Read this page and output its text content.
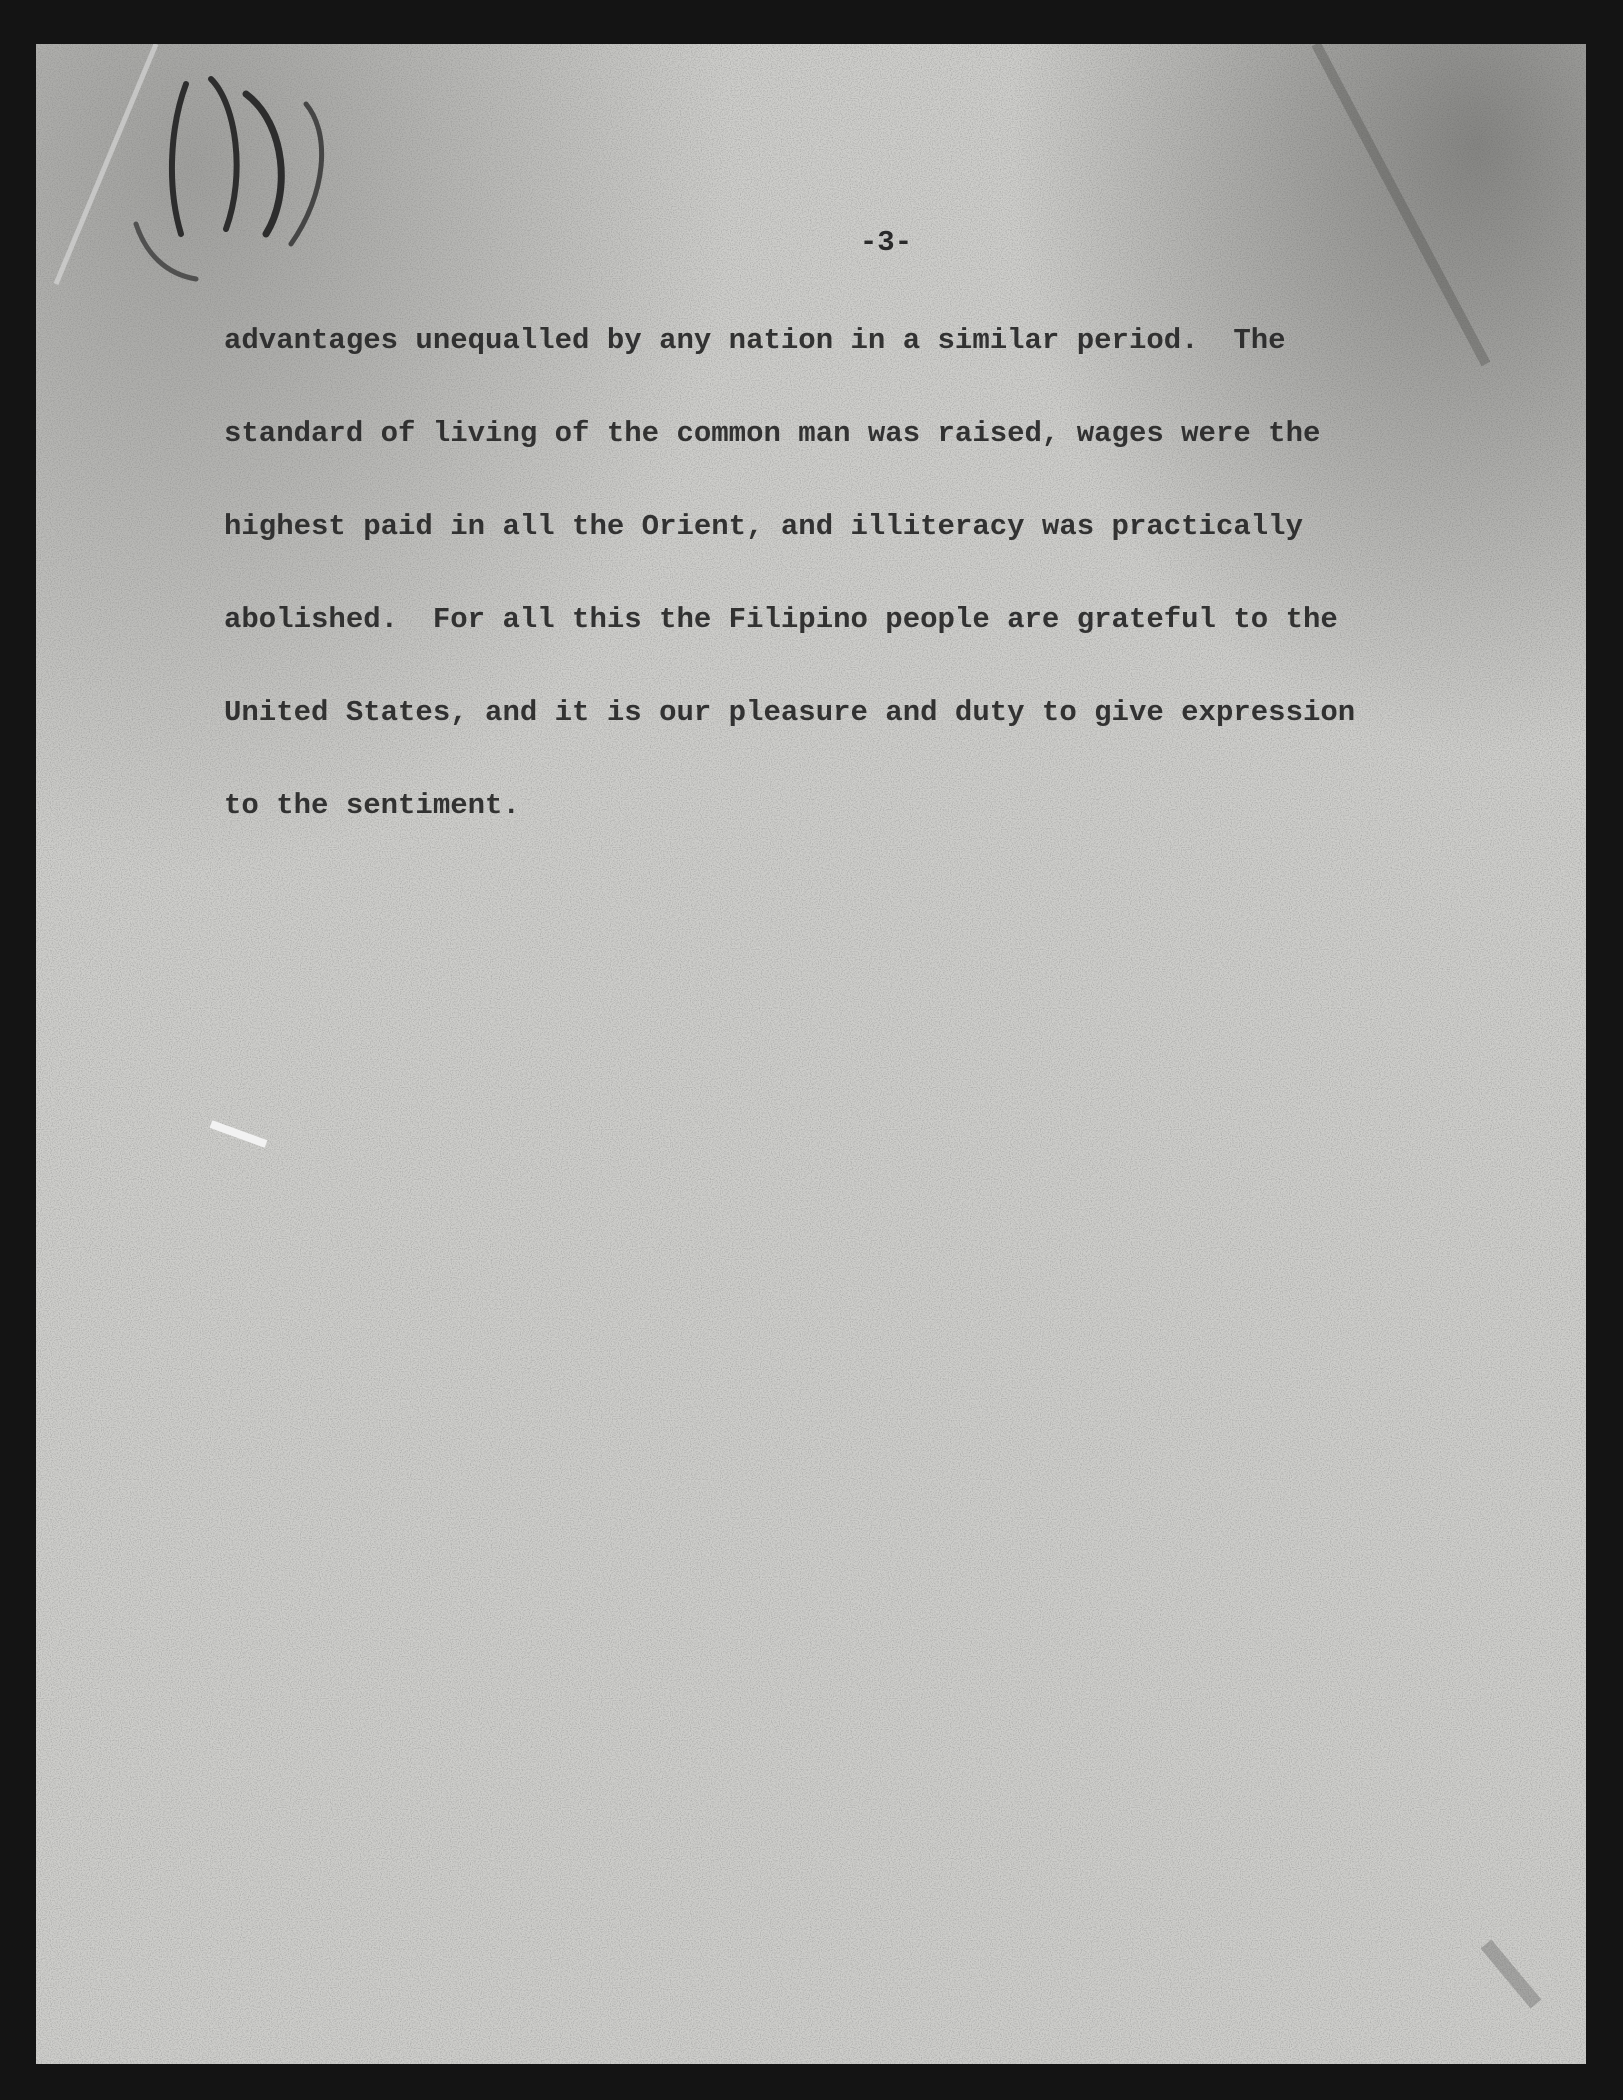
-3-

advantages unequalled by any nation in a similar period.  The
standard of living of the common man was raised, wages were the
highest paid in all the Orient, and illiteracy was practically
abolished.  For all this the Filipino people are grateful to the
United States, and it is our pleasure and duty to give expression
to the sentiment.
